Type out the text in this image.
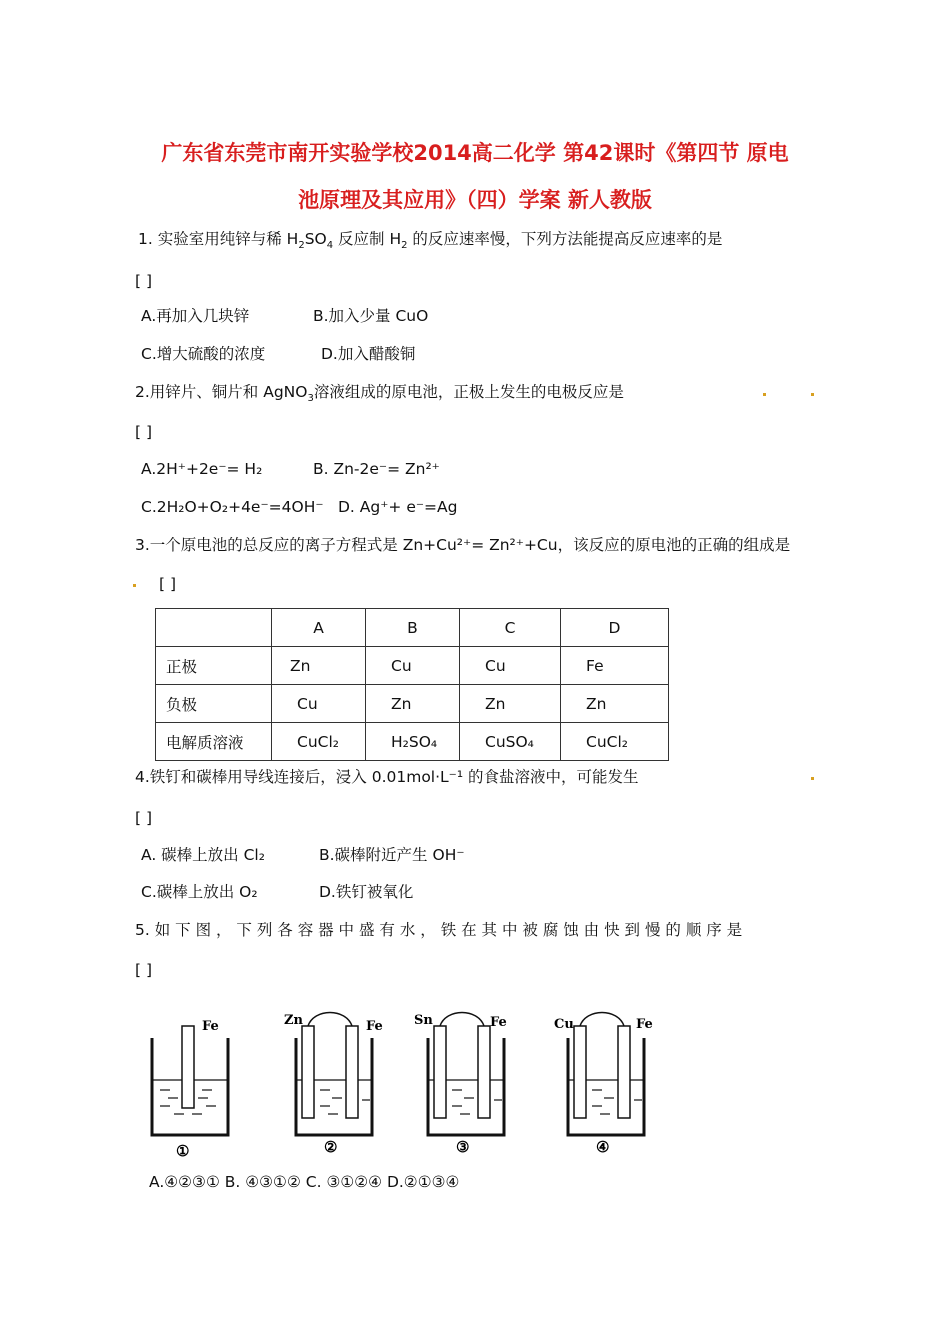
广东省东莞市南开实验学校2014高二化学 第42课时《第四节 原电
池原理及其应用》（四）学案 新人教版
1. 实验室用纯锌与稀 $H_2SO_4$ 反应制 $H_2$ 的反应速率慢，下列方法能提高反应速率的是
[ ]
A.再加入几块锌	B.加入少量 CuO
C.增大硫酸的浓度	D.加入醋酸铜
2.用锌片、铜片和 AgNO$_3$溶液组成的原电池，正极上发生的电极反应是
[ ]
A.2H⁺+2e⁻= H₂	B. Zn-2e⁻= Zn²⁺
C.2H₂O+O₂+4e⁻=4OH⁻ D. Ag⁺+ e⁻=Ag
3.一个原电池的总反应的离子方程式是 Zn+Cu²⁺= Zn²⁺+Cu，该反应的原电池的正确的组成是
[ ]
	A	B	C	D
正极	Zn	Cu	Cu	Fe
负极	Cu	Zn	Zn	Zn
电解质溶液	CuCl₂	H₂SO₄	CuSO₄	CuCl₂
4.铁钉和碳棒用导线连接后，浸入 0.01mol·L⁻¹ 的食盐溶液中，可能发生
[ ]
A. 碳棒上放出 Cl₂	B.碳棒附近产生 OH⁻
C.碳棒上放出 O₂	D.铁钉被氧化
5. 如 下 图 ， 下 列 各 容 器 中 盛 有 水 ， 铁 在 其 中 被 腐 蚀 由 快 到 慢 的 顺 序 是
[ ]
Fe
①
Zn	Fe
②
Sn	Fe
③
Cu	Fe
④
A.④②③① B. ④③①② C. ③①②④ D.②①③④
